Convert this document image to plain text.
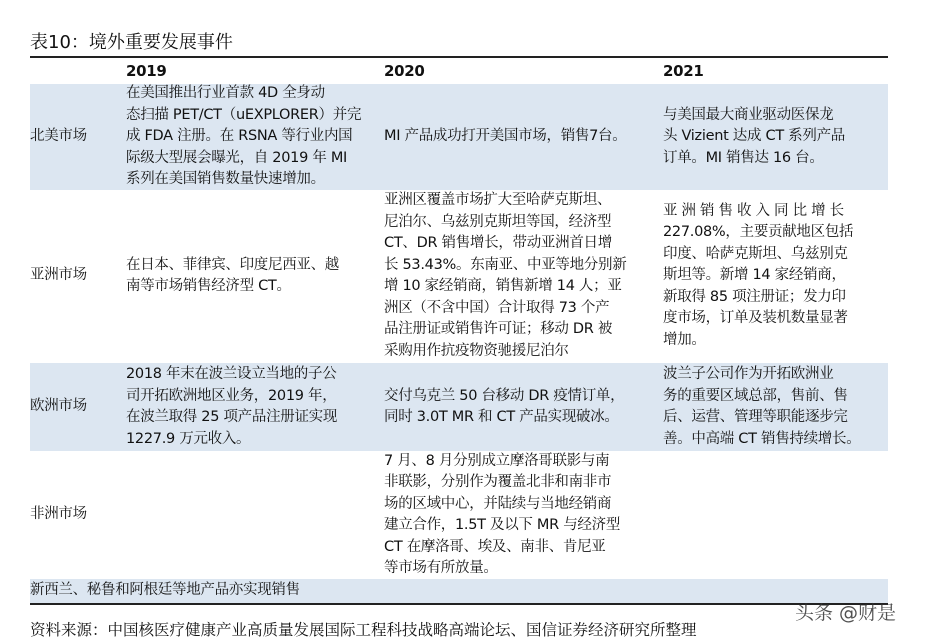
表10：境外重要发展事件
2019	2020	2021
北美市场
在美国推出行业首款 4D 全身动
态扫描 PET/CT（uEXPLORER）并完
成 FDA 注册。在 RSNA 等行业内国
际级大型展会曝光，自 2019 年 MI
系列在美国销售数量快速增加。
MI 产品成功打开美国市场，销售7台。
与美国最大商业驱动医保龙
头 Vizient 达成 CT 系列产品
订单。MI 销售达 16 台。
亚洲市场
在日本、菲律宾、印度尼西亚、越
南等市场销售经济型 CT。
亚洲区覆盖市场扩大至哈萨克斯坦、
尼泊尔、乌兹别克斯坦等国，经济型
CT、DR 销售增长，带动亚洲首日增
长 53.43%。东南亚、中亚等地分别新
增 10 家经销商，销售新增 14 人；亚
洲区（不含中国）合计取得 73 个产
品注册证或销售许可证；移动 DR 被
采购用作抗疫物资驰援尼泊尔
亚 洲 销 售 收 入 同 比 增 长
227.08%，主要贡献地区包括
印度、哈萨克斯坦、乌兹别克
斯坦等。新增 14 家经销商，
新取得 85 项注册证；发力印
度市场，订单及装机数量显著
增加。
欧洲市场
2018 年末在波兰设立当地的子公
司开拓欧洲地区业务，2019 年，
在波兰取得 25 项产品注册证实现
1227.9 万元收入。
交付乌克兰 50 台移动 DR 疫情订单，
同时 3.0T MR 和 CT 产品实现破冰。
波兰子公司作为开拓欧洲业
务的重要区域总部，售前、售
后、运营、管理等职能逐步完
善。中高端 CT 销售持续增长。
非洲市场
7 月、8 月分别成立摩洛哥联影与南
非联影，分别作为覆盖北非和南非市
场的区域中心，并陆续与当地经销商
建立合作，1.5T 及以下 MR 与经济型
CT 在摩洛哥、埃及、南非、肯尼亚
等市场有所放量。
新西兰、秘鲁和阿根廷等地产品亦实现销售
资料来源：中国核医疗健康产业高质量发展国际工程科技战略高端论坛、国信证券经济研究所整理
头条 @财是
